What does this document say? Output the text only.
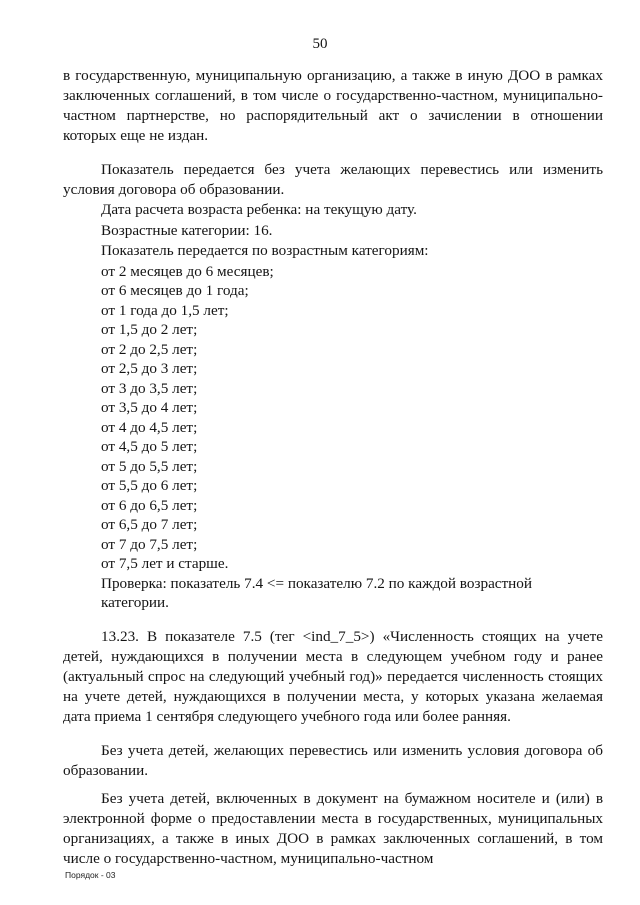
50

в государственную, муниципальную организацию, а также в иную ДОО в рамках заключенных соглашений, в том числе о государственно-частном, муниципально-частном партнерстве, но распорядительный акт о зачислении в отношении которых еще не издан.

Показатель передается без учета желающих перевестись или изменить условия договора об образовании.

Дата расчета возраста ребенка: на текущую дату.

Возрастные категории: 16.

Показатель передается по возрастным категориям:

от 2 месяцев до 6 месяцев;

от 6 месяцев до 1 года;

от 1 года до 1,5 лет;

от 1,5 до 2 лет;

от 2 до 2,5 лет;

от 2,5 до 3 лет;

от 3 до 3,5 лет;

от 3,5 до 4 лет;

от 4 до 4,5 лет;

от 4,5 до 5 лет;

от 5 до 5,5 лет;

от 5,5 до 6 лет;

от 6 до 6,5 лет;

от 6,5 до 7 лет;

от 7 до 7,5 лет;

от 7,5 лет и старше.

Проверка: показатель 7.4 <= показателю 7.2 по каждой возрастной категории.

13.23. В показателе 7.5 (тег <ind_7_5>) «Численность стоящих на учете детей, нуждающихся в получении места в следующем учебном году и ранее (актуальный спрос на следующий учебный год)» передается численность стоящих на учете детей, нуждающихся в получении места, у которых указана желаемая дата приема 1 сентября следующего учебного года или более ранняя.

Без учета детей, желающих перевестись или изменить условия договора об образовании.

Без учета детей, включенных в документ на бумажном носителе и (или) в электронной форме о предоставлении места в государственных, муниципальных организациях, а также в иных ДОО в рамках заключенных соглашений, в том числе о государственно-частном, муниципально-частном

Порядок - 03
